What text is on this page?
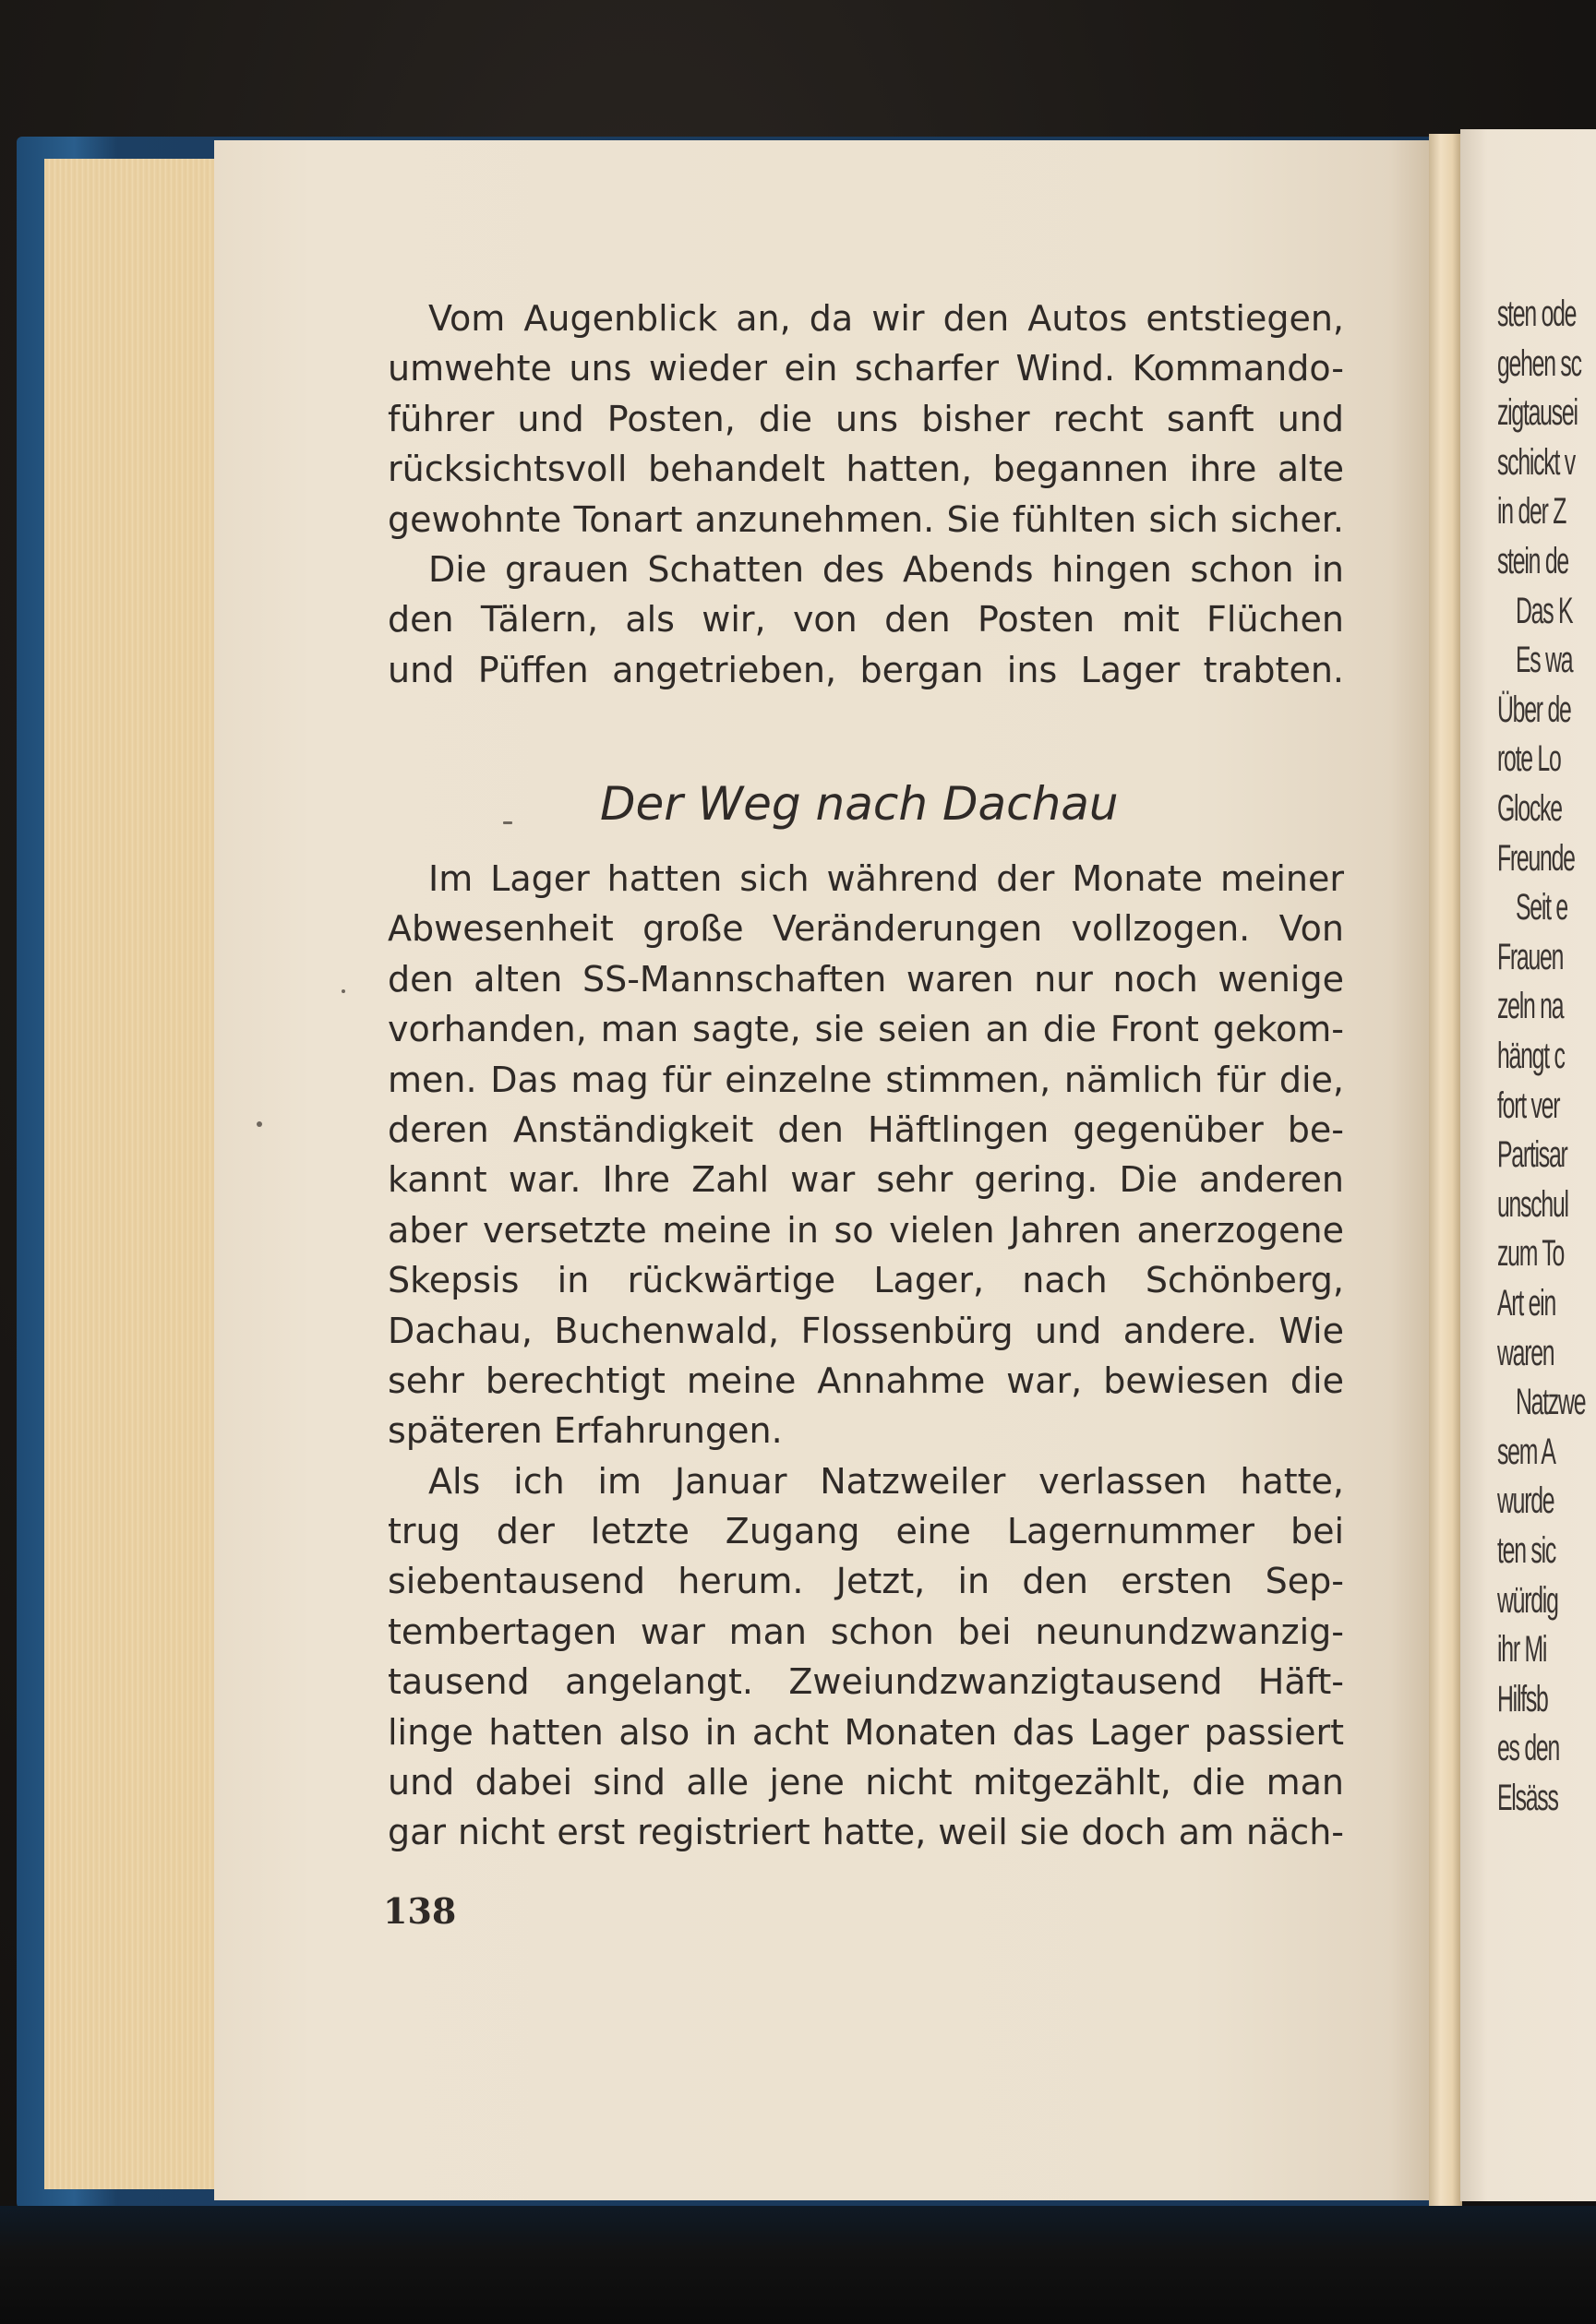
Vom Augenblick an, da wir den Autos entstiegen,
umwehte uns wieder ein scharfer Wind. Kommando-
führer und Posten, die uns bisher recht sanft und
rücksichtsvoll behandelt hatten, begannen ihre alte
gewohnte Tonart anzunehmen. Sie fühlten sich sicher.
Die grauen Schatten des Abends hingen schon in
den Tälern, als wir, von den Posten mit Flüchen
und Püffen angetrieben, bergan ins Lager trabten.
Der Weg nach Dachau
Im Lager hatten sich während der Monate meiner
Abwesenheit große Veränderungen vollzogen. Von
den alten SS-Mannschaften waren nur noch wenige
vorhanden, man sagte, sie seien an die Front gekom-
men. Das mag für einzelne stimmen, nämlich für die,
deren Anständigkeit den Häftlingen gegenüber be-
kannt war. Ihre Zahl war sehr gering. Die anderen
aber versetzte meine in so vielen Jahren anerzogene
Skepsis in rückwärtige Lager, nach Schönberg,
Dachau, Buchenwald, Flossenbürg und andere. Wie
sehr berechtigt meine Annahme war, bewiesen die
späteren Erfahrungen.
Als ich im Januar Natzweiler verlassen hatte,
trug der letzte Zugang eine Lagernummer bei
siebentausend herum. Jetzt, in den ersten Sep-
tembertagen war man schon bei neunundzwanzig-
tausend angelangt. Zweiundzwanzigtausend Häft-
linge hatten also in acht Monaten das Lager passiert
und dabei sind alle jene nicht mitgezählt, die man
gar nicht erst registriert hatte, weil sie doch am näch-
138
sten ode
gehen sc
zigtausei
schickt v
in der Z
stein de
Das K
Es wa
Über de
rote Lo
Glocke
Freunde
Seit e
Frauen
zeln na
hängt c
fort ver
Partisar
unschul
zum To
Art ein
waren
Natzwe
sem A
wurde
ten sic
würdig
ihr Mi
Hilfsb
es den
Elsäss
